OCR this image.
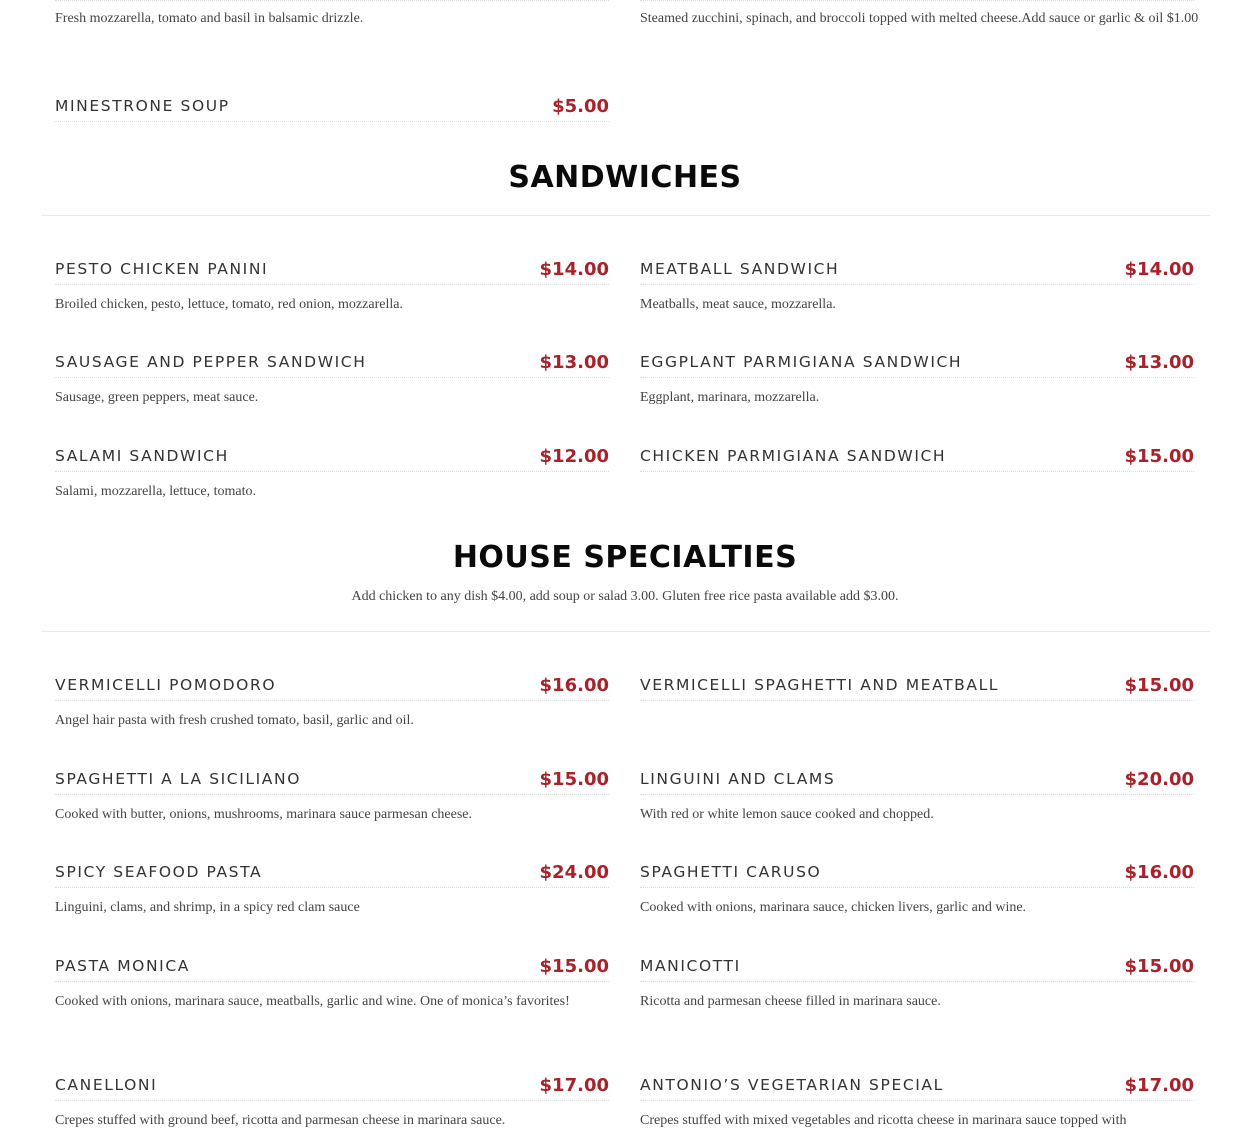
Fresh mozzarella, tomato and basil in balsamic drizzle.	Steamed zucchini, spinach, and broccoli topped with melted cheese.Add sauce or garlic & oil $1.00
MINESTRONE SOUP	$5.00
SANDWICHES
PESTO CHICKEN PANINI	$14.00
Broiled chicken, pesto, lettuce, tomato, red onion, mozzarella.
MEATBALL SANDWICH	$14.00
Meatballs, meat sauce, mozzarella.
SAUSAGE AND PEPPER SANDWICH	$13.00
Sausage, green peppers, meat sauce.
EGGPLANT PARMIGIANA SANDWICH	$13.00
Eggplant, marinara, mozzarella.
SALAMI SANDWICH	$12.00
Salami, mozzarella, lettuce, tomato.
CHICKEN PARMIGIANA SANDWICH	$15.00
HOUSE SPECIALTIES
Add chicken to any dish $4.00, add soup or salad 3.00. Gluten free rice pasta available add $3.00.
VERMICELLI POMODORO	$16.00
Angel hair pasta with fresh crushed tomato, basil, garlic and oil.
VERMICELLI SPAGHETTI AND MEATBALL	$15.00
SPAGHETTI A LA SICILIANO	$15.00
Cooked with butter, onions, mushrooms, marinara sauce parmesan cheese.
LINGUINI AND CLAMS	$20.00
With red or white lemon sauce cooked and chopped.
SPICY SEAFOOD PASTA	$24.00
Linguini, clams, and shrimp, in a spicy red clam sauce
SPAGHETTI CARUSO	$16.00
Cooked with onions, marinara sauce, chicken livers, garlic and wine.
PASTA MONICA	$15.00
Cooked with onions, marinara sauce, meatballs, garlic and wine. One of monica’s favorites!
MANICOTTI	$15.00
Ricotta and parmesan cheese filled in marinara sauce.
CANELLONI	$17.00
Crepes stuffed with ground beef, ricotta and parmesan cheese in marinara sauce.
ANTONIO’S VEGETARIAN SPECIAL	$17.00
Crepes stuffed with mixed vegetables and ricotta cheese in marinara sauce topped with
